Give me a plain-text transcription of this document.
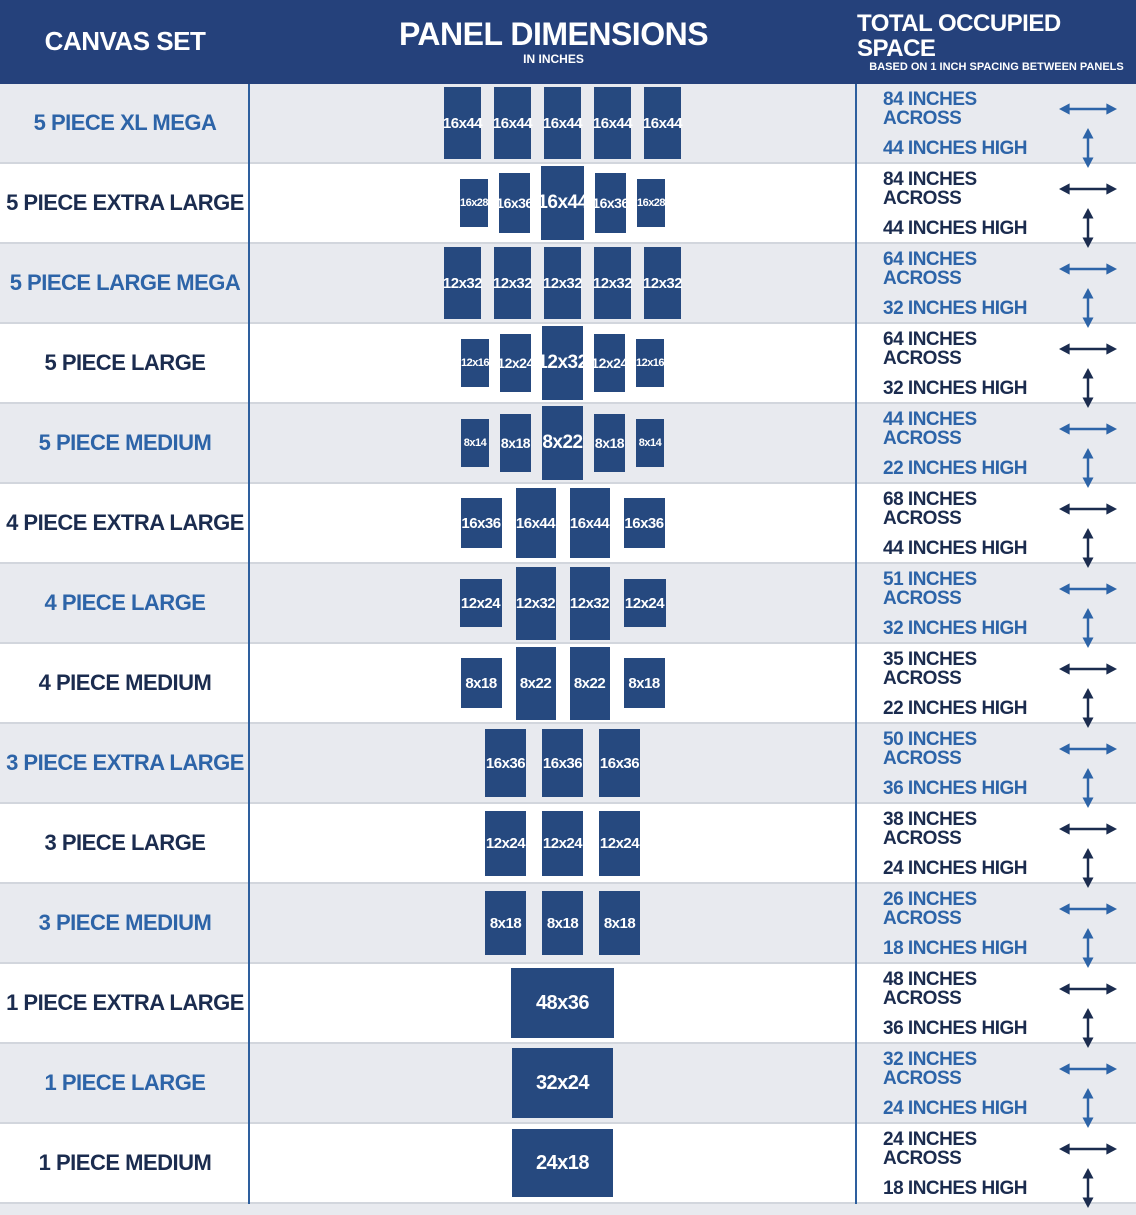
CANVAS SET	PANEL DIMENSIONS
IN INCHES
TOTAL OCCUPIED SPACE
BASED ON 1 INCH SPACING BETWEEN PANELS
5 PIECE XL MEGA	16x44 16x44 16x44 16x44 16x44
84 INCHES ACROSS
44 INCHES HIGH
5 PIECE EXTRA LARGE	16x28 16x36 16x44 16x36 16x28
84 INCHES ACROSS
44 INCHES HIGH
5 PIECE LARGE MEGA	12x32 12x32 12x32 12x32 12x32
64 INCHES ACROSS
32 INCHES HIGH
5 PIECE LARGE	12x16 12x24 12x32 12x24 12x16
64 INCHES ACROSS
32 INCHES HIGH
5 PIECE MEDIUM	8x14 8x18 8x22 8x18 8x14
44 INCHES ACROSS
22 INCHES HIGH
4 PIECE EXTRA LARGE	16x36 16x44 16x44 16x36
68 INCHES ACROSS
44 INCHES HIGH
4 PIECE LARGE	12x24 12x32 12x32 12x24
51 INCHES ACROSS
32 INCHES HIGH
4 PIECE MEDIUM	8x18	8x22 8x22	8x18
35 INCHES ACROSS
22 INCHES HIGH
3 PIECE EXTRA LARGE	16x36 16x36 16x36
50 INCHES ACROSS
36 INCHES HIGH
3 PIECE LARGE	12x24 12x24 12x24
38 INCHES ACROSS
24 INCHES HIGH
3 PIECE MEDIUM	8x18	8x18	8x18
26 INCHES ACROSS
18 INCHES HIGH
1 PIECE EXTRA LARGE	48x36
48 INCHES ACROSS
36 INCHES HIGH
1 PIECE LARGE	32x24
32 INCHES ACROSS
24 INCHES HIGH
1 PIECE MEDIUM	24x18
24 INCHES ACROSS
18 INCHES HIGH
